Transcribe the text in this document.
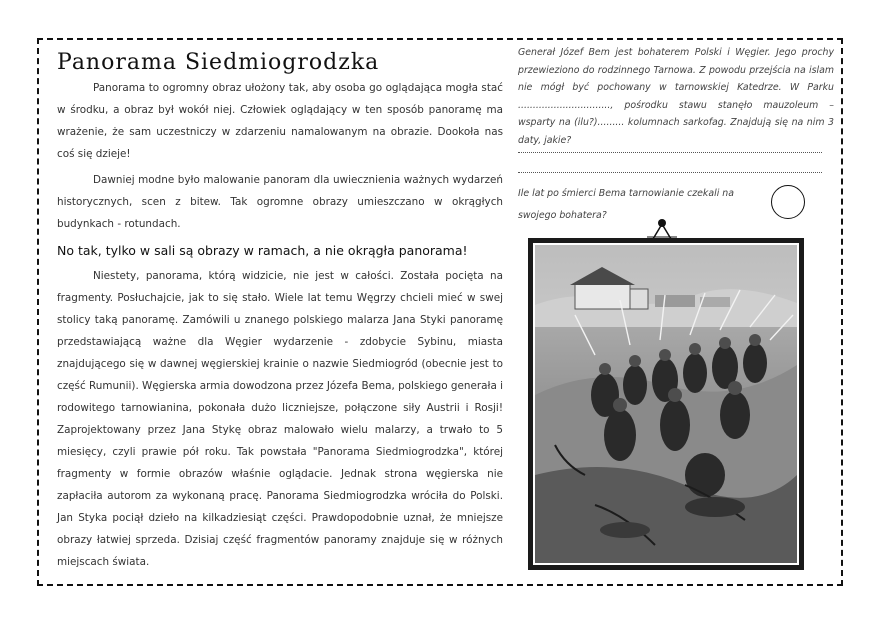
Panorama Siedmiogrodzka

Panorama to ogromny obraz ułożony tak, aby osoba go oglądająca mogła stać w środku, a obraz był wokół niej. Człowiek oglądający w ten sposób panoramę ma wrażenie, że sam uczestniczy w zdarzeniu namalowanym na obrazie. Dookoła nas coś się dzieje!

Dawniej modne było malowanie panoram dla uwiecznienia ważnych wydarzeń historycznych, scen z bitew. Tak ogromne obrazy umieszczano w okrągłych budynkach - rotundach.

No tak, tylko w sali są obrazy w ramach, a nie okrągła panorama!

Niestety, panorama, którą widzicie, nie jest w całości. Została pocięta na fragmenty. Posłuchajcie, jak to się stało. Wiele lat temu Węgrzy chcieli mieć w swej stolicy taką panoramę. Zamówili u znanego polskiego malarza Jana Styki panoramę przedstawiającą ważne dla Węgier wydarzenie - zdobycie Sybinu, miasta znajdującego się w dawnej węgierskiej krainie o nazwie Siedmiogród (obecnie jest to część Rumunii). Węgierska armia dowodzona przez Józefa Bema, polskiego generała i rodowitego tarnowianina, pokonała dużo liczniejsze, połączone siły Austrii i Rosji! Zaprojektowany przez Jana Stykę obraz malowało wielu malarzy, a trwało to 5 miesięcy, czyli prawie pół roku. Tak powstała "Panorama Siedmiogrodzka", której fragmenty w formie obrazów właśnie oglądacie. Jednak strona węgierska nie zapłaciła autorom za wykonaną pracę. Panorama Siedmiogrodzka wróciła do Polski. Jan Styka pociął dzieło na kilkadziesiąt części. Prawdopodobnie uznał, że mniejsze obrazy łatwiej sprzeda. Dzisiaj część fragmentów panoramy znajduje się w różnych miejscach świata.

Generał Józef Bem jest bohaterem Polski i Węgier. Jego prochy przewieziono do rodzinnego Tarnowa. Z powodu przejścia na islam nie mógł być pochowany w tarnowskiej Katedrze. W Parku ..............................., pośrodku stawu stanęło mauzoleum – wsparty na (ilu?)......... kolumnach sarkofag. Znajdują się na nim 3 daty, jakie?

Ile lat po śmierci Bema tarnowianie czekali na swojego bohatera?
